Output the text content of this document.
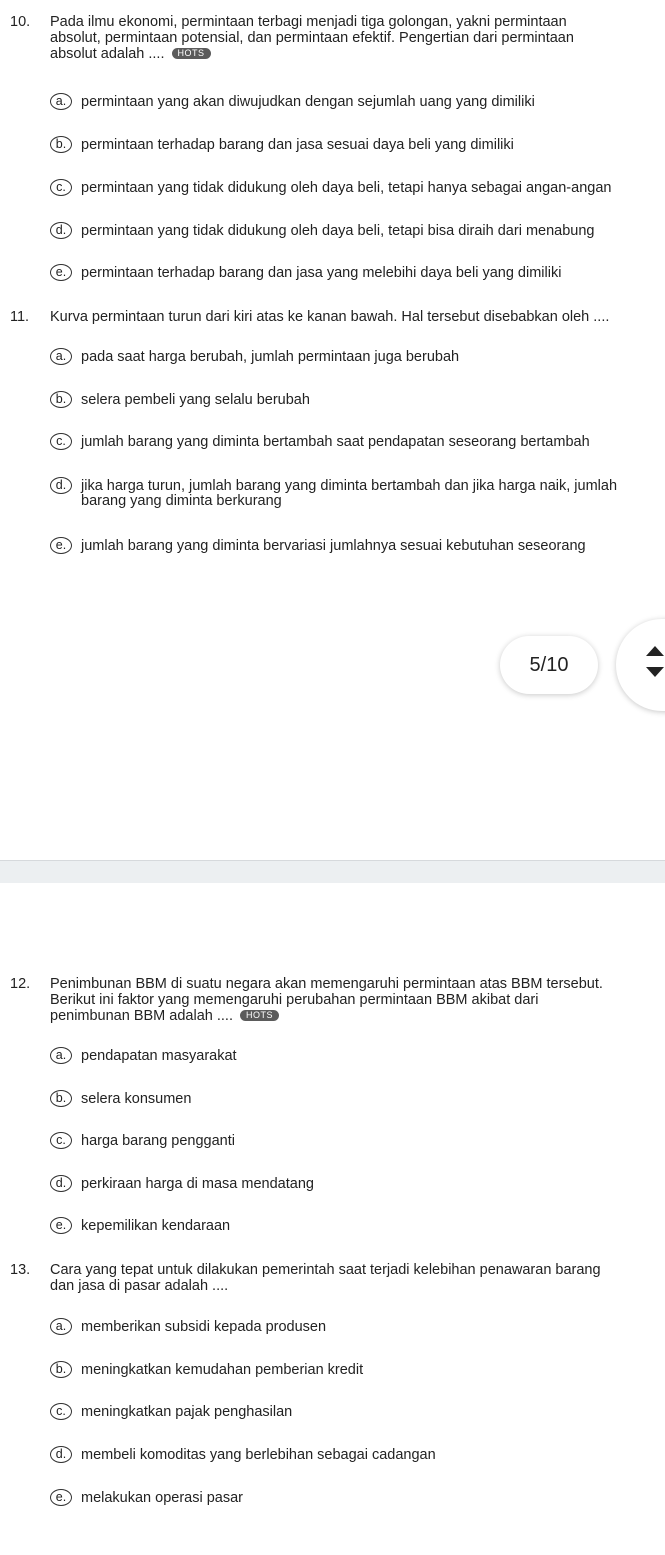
10. Pada ilmu ekonomi, permintaan terbagi menjadi tiga golongan, yakni permintaan absolut, permintaan potensial, dan permintaan efektif. Pengertian dari permintaan absolut adalah .... HOTS
a.	permintaan yang akan diwujudkan dengan sejumlah uang yang dimiliki
b.	permintaan terhadap barang dan jasa sesuai daya beli yang dimiliki
c.	permintaan yang tidak didukung oleh daya beli, tetapi hanya sebagai angan-angan
d.	permintaan yang tidak didukung oleh daya beli, tetapi bisa diraih dari menabung
e.	permintaan terhadap barang dan jasa yang melebihi daya beli yang dimiliki
11. Kurva permintaan turun dari kiri atas ke kanan bawah. Hal tersebut disebabkan oleh ....
a.	pada saat harga berubah, jumlah permintaan juga berubah
b.	selera pembeli yang selalu berubah
c.	jumlah barang yang diminta bertambah saat pendapatan seseorang bertambah
d.	jika harga turun, jumlah barang yang diminta bertambah dan jika harga naik, jumlah barang yang diminta berkurang
e.	jumlah barang yang diminta bervariasi jumlahnya sesuai kebutuhan seseorang
5/10
12. Penimbunan BBM di suatu negara akan memengaruhi permintaan atas BBM tersebut. Berikut ini faktor yang memengaruhi perubahan permintaan BBM akibat dari penimbunan BBM adalah .... HOTS
a.	pendapatan masyarakat
b.	selera konsumen
c.	harga barang pengganti
d.	perkiraan harga di masa mendatang
e.	kepemilikan kendaraan
13. Cara yang tepat untuk dilakukan pemerintah saat terjadi kelebihan penawaran barang dan jasa di pasar adalah ....
a.	memberikan subsidi kepada produsen
b.	meningkatkan kemudahan pemberian kredit
c.	meningkatkan pajak penghasilan
d.	membeli komoditas yang berlebihan sebagai cadangan
e.	melakukan operasi pasar
